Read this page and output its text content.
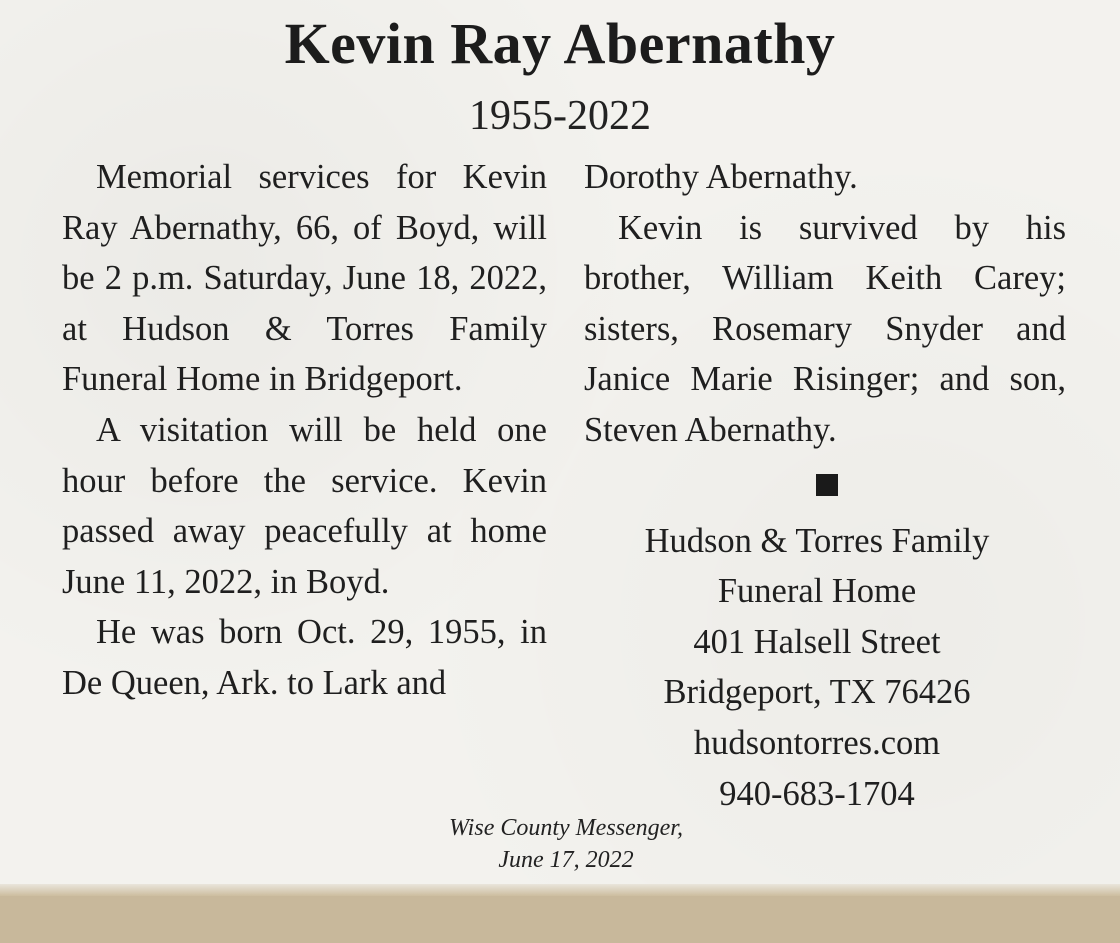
Kevin Ray Abernathy
1955-2022

Memorial services for Kevin Ray Abernathy, 66, of Boyd, will be 2 p.m. Saturday, June 18, 2022, at Hudson & Torres Family Funeral Home in Bridgeport.

A visitation will be held one hour before the service. Kevin passed away peacefully at home June 11, 2022, in Boyd.

He was born Oct. 29, 1955, in De Queen, Ark. to Lark and

Dorothy Abernathy.

Kevin is survived by his brother, William Keith Carey; sisters, Rosemary Snyder and Janice Marie Risinger; and son, Steven Abernathy.

Hudson & Torres Family
Funeral Home
401 Halsell Street
Bridgeport, TX 76426
hudsontorres.com
940-683-1704
Wise County Messenger,
June 17, 2022
